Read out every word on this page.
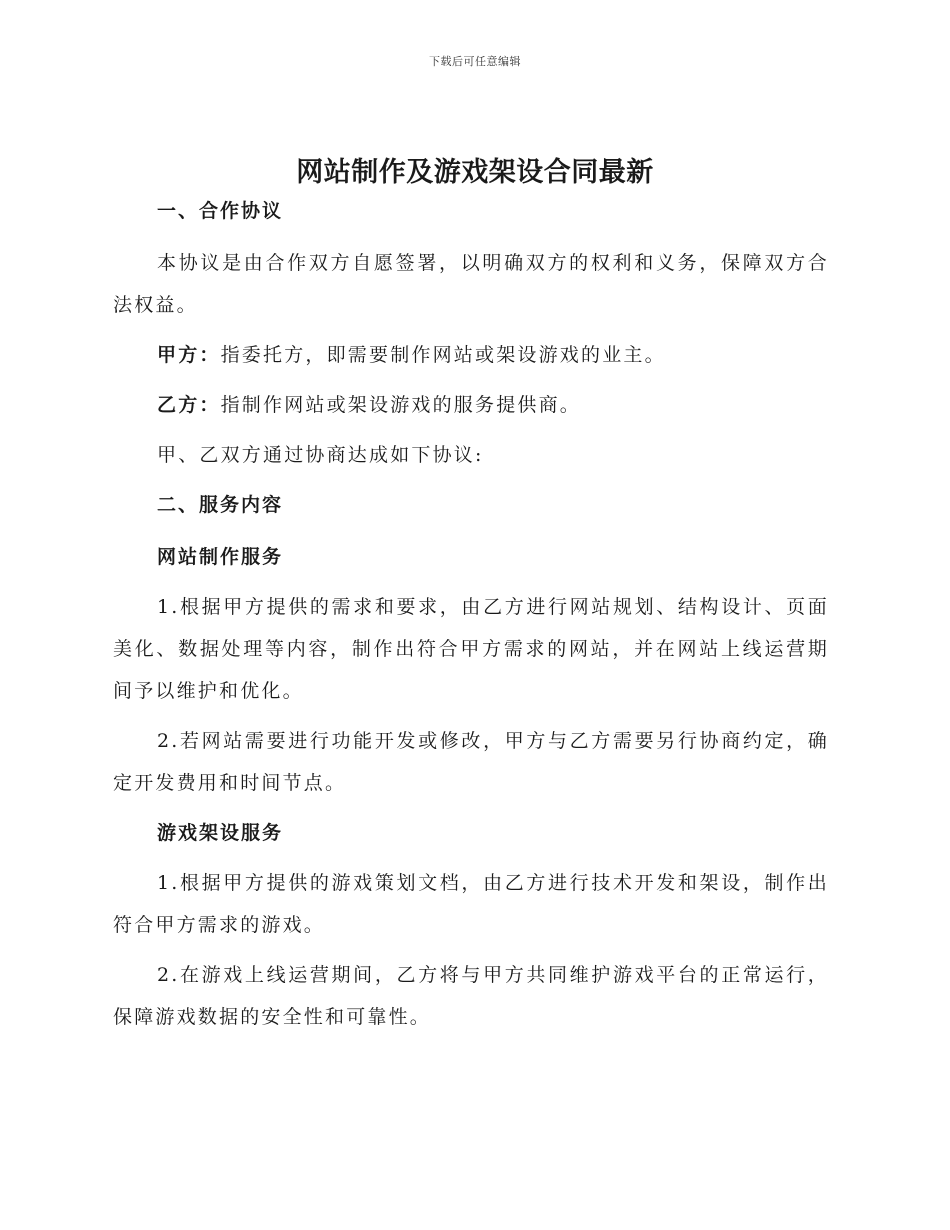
下载后可任意编辑
网站制作及游戏架设合同最新

一、合作协议

本协议是由合作双方自愿签署，以明确双方的权利和义务，保障双方合法权益。

甲方：指委托方，即需要制作网站或架设游戏的业主。

乙方：指制作网站或架设游戏的服务提供商。

甲、乙双方通过协商达成如下协议:

二、服务内容

网站制作服务

1.根据甲方提供的需求和要求，由乙方进行网站规划、结构设计、页面美化、数据处理等内容，制作出符合甲方需求的网站，并在网站上线运营期间予以维护和优化。

2.若网站需要进行功能开发或修改，甲方与乙方需要另行协商约定，确定开发费用和时间节点。

游戏架设服务

1.根据甲方提供的游戏策划文档，由乙方进行技术开发和架设，制作出符合甲方需求的游戏。

2.在游戏上线运营期间，乙方将与甲方共同维护游戏平台的正常运行，保障游戏数据的安全性和可靠性。
